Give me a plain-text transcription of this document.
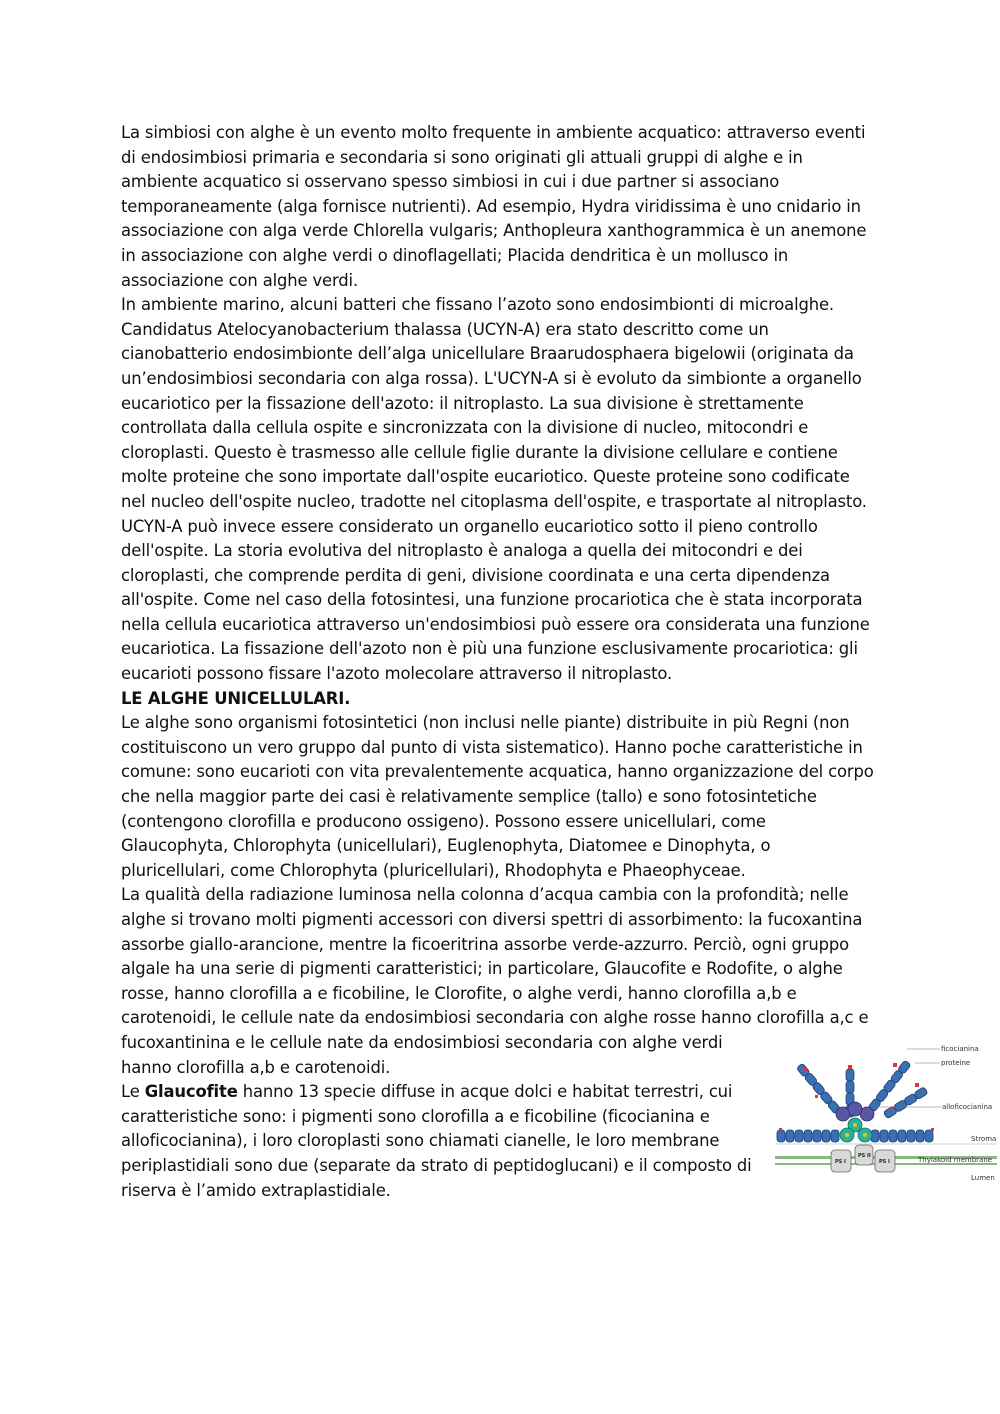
La simbiosi con alghe è un evento molto frequente in ambiente acquatico: attraverso eventi
di endosimbiosi primaria e secondaria si sono originati gli attuali gruppi di alghe e in
ambiente acquatico si osservano spesso simbiosi in cui i due partner si associano
temporaneamente (alga fornisce nutrienti). Ad esempio, Hydra viridissima è uno cnidario in
associazione con alga verde Chlorella vulgaris; Anthopleura xanthogrammica è un anemone
in associazione con alghe verdi o dinoflagellati; Placida dendritica è un mollusco in
associazione con alghe verdi.
In ambiente marino, alcuni batteri che fissano l’azoto sono endosimbionti di microalghe.
Candidatus Atelocyanobacterium thalassa (UCYN-A) era stato descritto come un
cianobatterio endosimbionte dell’alga unicellulare Braarudosphaera bigelowii (originata da
un’endosimbiosi secondaria con alga rossa). L'UCYN-A si è evoluto da simbionte a organello
eucariotico per la fissazione dell'azoto: il nitroplasto. La sua divisione è strettamente
controllata dalla cellula ospite e sincronizzata con la divisione di nucleo, mitocondri e
cloroplasti. Questo è trasmesso alle cellule figlie durante la divisione cellulare e contiene
molte proteine che sono importate dall'ospite eucariotico. Queste proteine sono codificate
nel nucleo dell'ospite nucleo, tradotte nel citoplasma dell'ospite, e trasportate al nitroplasto.
UCYN-A può invece essere considerato un organello eucariotico sotto il pieno controllo
dell'ospite. La storia evolutiva del nitroplasto è analoga a quella dei mitocondri e dei
cloroplasti, che comprende perdita di geni, divisione coordinata e una certa dipendenza
all'ospite. Come nel caso della fotosintesi, una funzione procariotica che è stata incorporata
nella cellula eucariotica attraverso un'endosimbiosi può essere ora considerata una funzione
eucariotica. La fissazione dell'azoto non è più una funzione esclusivamente procariotica: gli
eucarioti possono fissare l'azoto molecolare attraverso il nitroplasto.
LE ALGHE UNICELLULARI.
Le alghe sono organismi fotosintetici (non inclusi nelle piante) distribuite in più Regni (non
costituiscono un vero gruppo dal punto di vista sistematico). Hanno poche caratteristiche in
comune: sono eucarioti con vita prevalentemente acquatica, hanno organizzazione del corpo
che nella maggior parte dei casi è relativamente semplice (tallo) e sono fotosintetiche
(contengono clorofilla e producono ossigeno). Possono essere unicellulari, come
Glaucophyta, Chlorophyta (unicellulari), Euglenophyta, Diatomee e Dinophyta, o
pluricellulari, come Chlorophyta (pluricellulari), Rhodophyta e Phaeophyceae.
La qualità della radiazione luminosa nella colonna d’acqua cambia con la profondità; nelle
alghe si trovano molti pigmenti accessori con diversi spettri di assorbimento: la fucoxantina
assorbe giallo-arancione, mentre la ficoeritrina assorbe verde-azzurro. Perciò, ogni gruppo
algale ha una serie di pigmenti caratteristici; in particolare, Glaucofite e Rodofite, o alghe
rosse, hanno clorofilla a e ficobiline, le Clorofite, o alghe verdi, hanno clorofilla a,b e
carotenoidi, le cellule nate da endosimbiosi secondaria con alghe rosse hanno clorofilla a,c e
fucoxantinina e le cellule nate da endosimbiosi secondaria con alghe verdi
hanno clorofilla a,b e carotenoidi.
Le Glaucofite hanno 13 specie diffuse in acque dolci e habitat terrestri, cui
caratteristiche sono: i pigmenti sono clorofilla a e ficobiline (ficocianina e
alloficocianina), i loro cloroplasti sono chiamati cianelle, le loro membrane
periplastidiali sono due (separate da strato di peptidoglucani) e il composto di
riserva è l’amido extraplastidiale.
PS I
PS II
PS I
ficocianina
proteine
alloficocianina
Stroma
Thylakoid membrane
Lumen
